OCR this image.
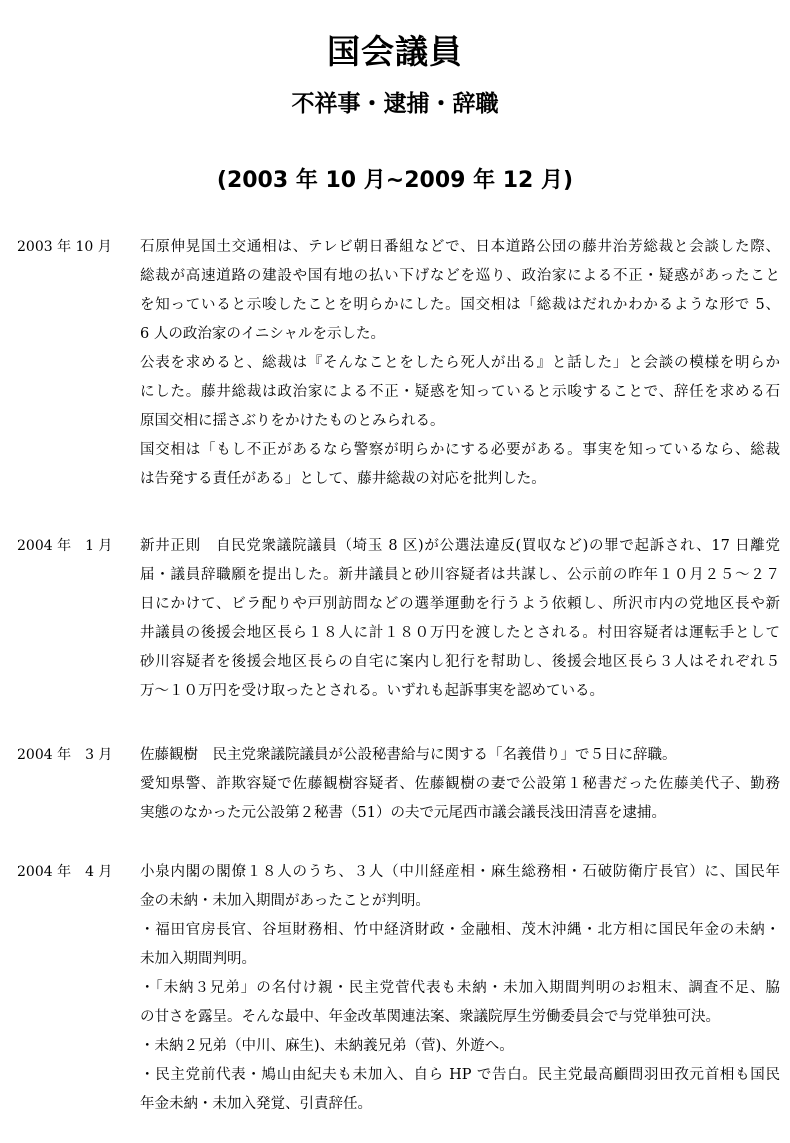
国会議員
不祥事・逮捕・辞職
(2003 年 10 月~2009 年 12 月)
2003 年 10 月 石原伸晃国土交通相は、テレビ朝日番組などで、日本道路公団の藤井治芳総裁と会談した際、
総裁が高速道路の建設や国有地の払い下げなどを巡り、政治家による不正・疑惑があったこと
を知っていると示唆したことを明らかにした。国交相は「総裁はだれかわかるような形で 5、
6 人の政治家のイニシャルを示した。
公表を求めると、総裁は『そんなことをしたら死人が出る』と話した」と会談の模様を明らか
にした。藤井総裁は政治家による不正・疑惑を知っていると示唆することで、辞任を求める石
原国交相に揺さぶりをかけたものとみられる。
国交相は「もし不正があるなら警察が明らかにする必要がある。事実を知っているなら、総裁
は告発する責任がある」として、藤井総裁の対応を批判した。
2004 年　1 月 新井正則　自民党衆議院議員（埼玉 8 区)が公選法違反(買収など)の罪で起訴され、17 日離党
届・議員辞職願を提出した。新井議員と砂川容疑者は共謀し、公示前の昨年１０月２５～２７
日にかけて、ビラ配りや戸別訪問などの選挙運動を行うよう依頼し、所沢市内の党地区長や新
井議員の後援会地区長ら１８人に計１８０万円を渡したとされる。村田容疑者は運転手として
砂川容疑者を後援会地区長らの自宅に案内し犯行を幇助し、後援会地区長ら３人はそれぞれ５
万～１０万円を受け取ったとされる。いずれも起訴事実を認めている。
2004 年　3 月 佐藤観樹　民主党衆議院議員が公設秘書給与に関する「名義借り」で５日に辞職。
愛知県警、詐欺容疑で佐藤観樹容疑者、佐藤観樹の妻で公設第１秘書だった佐藤美代子、勤務
実態のなかった元公設第２秘書（51）の夫で元尾西市議会議長浅田清喜を逮捕。
2004 年　4 月 小泉内閣の閣僚１８人のうち、３人（中川経産相・麻生総務相・石破防衛庁長官）に、国民年
金の未納・未加入期間があったことが判明。
・福田官房長官、谷垣財務相、竹中経済財政・金融相、茂木沖縄・北方相に国民年金の未納・
未加入期間判明。
・「未納３兄弟」の名付け親・民主党菅代表も未納・未加入期間判明のお粗末、調査不足、脇
の甘さを露呈。そんな最中、年金改革関連法案、衆議院厚生労働委員会で与党単独可決。
・未納２兄弟（中川、麻生)、未納義兄弟（菅)、外遊へ。
・民主党前代表・鳩山由紀夫も未加入、自ら HP で告白。民主党最高顧問羽田孜元首相も国民
年金未納・未加入発覚、引責辞任。
